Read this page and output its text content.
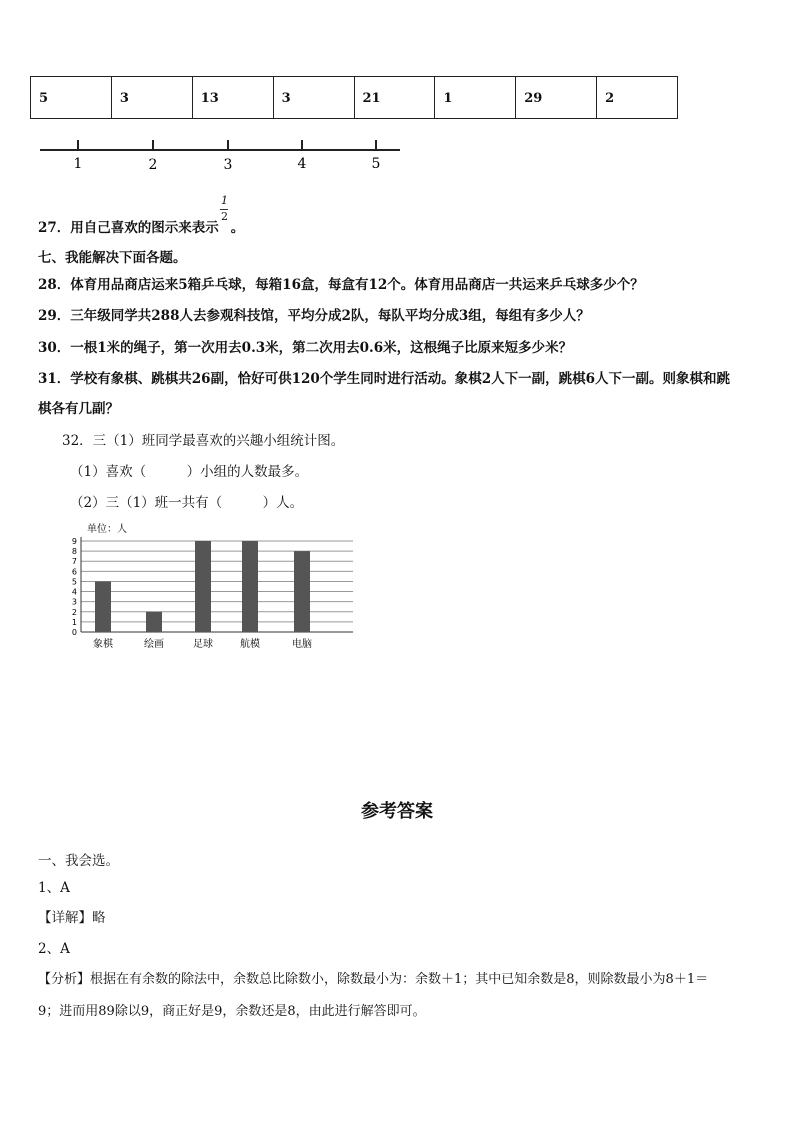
5	3	13	3	21	1	29	2
1	2	3	4	5
27．用自己喜欢的图示来表示 。
1
2
七、我能解决下面各题。
28．体育用品商店运来5箱乒乓球，每箱16盒，每盒有12个。体育用品商店一共运来乒乓球多少个？
29．三年级同学共288人去参观科技馆，平均分成2队，每队平均分成3组，每组有多少人？
30．一根1米的绳子，第一次用去0.3米，第二次用去0.6米，这根绳子比原来短多少米？
31．学校有象棋、跳棋共26副，恰好可供120个学生同时进行活动。象棋2人下一副，跳棋6人下一副。则象棋和跳
棋各有几副？
32．三（1）班同学最喜欢的兴趣小组统计图。
（1）喜欢（　　　）小组的人数最多。
（2）三（1）班一共有（　　　）人。
单位：人
0
1
2
3
4
5
6
7
8
9
象棋	绘画	足球	航模	电脑
参考答案
一、我会选。
1、A
【详解】略
2、A
【分析】根据在有余数的除法中，余数总比除数小，除数最小为：余数＋1；其中已知余数是8，则除数最小为8＋1＝
9；进而用89除以9，商正好是9，余数还是8，由此进行解答即可。
